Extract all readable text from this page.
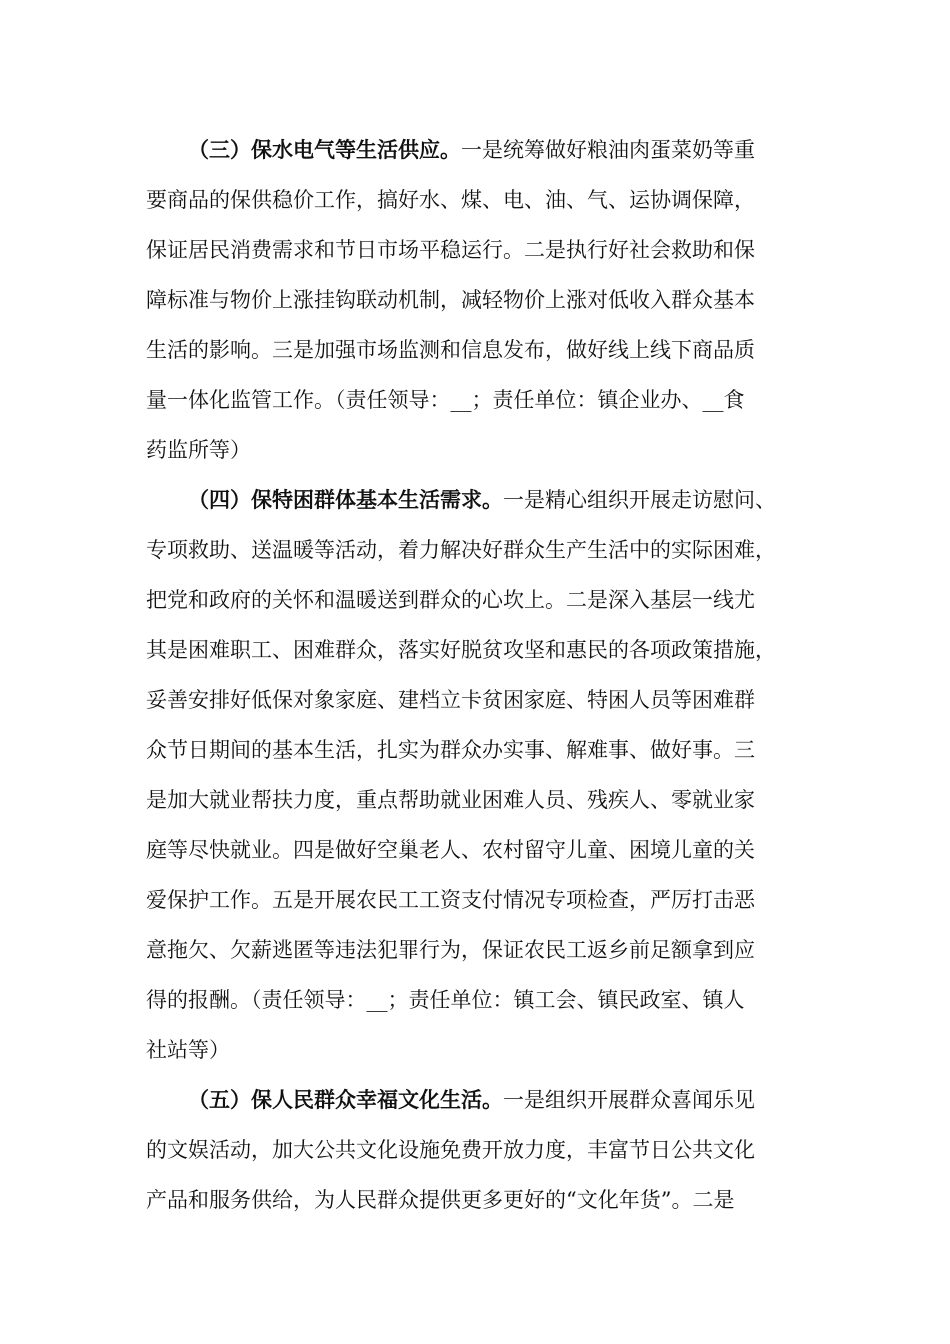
（三）保水电气等生活供应。一是统筹做好粮油肉蛋菜奶等重
要商品的保供稳价工作，搞好水、煤、电、油、气、运协调保障，
保证居民消费需求和节日市场平稳运行。二是执行好社会救助和保
障标准与物价上涨挂钩联动机制，减轻物价上涨对低收入群众基本
生活的影响。三是加强市场监测和信息发布，做好线上线下商品质
量一体化监管工作。（责任领导：__；责任单位：镇企业办、__食
药监所等）
（四）保特困群体基本生活需求。一是精心组织开展走访慰问、
专项救助、送温暖等活动，着力解决好群众生产生活中的实际困难，
把党和政府的关怀和温暖送到群众的心坎上。二是深入基层一线尤
其是困难职工、困难群众，落实好脱贫攻坚和惠民的各项政策措施，
妥善安排好低保对象家庭、建档立卡贫困家庭、特困人员等困难群
众节日期间的基本生活，扎实为群众办实事、解难事、做好事。三
是加大就业帮扶力度，重点帮助就业困难人员、残疾人、零就业家
庭等尽快就业。四是做好空巢老人、农村留守儿童、困境儿童的关
爱保护工作。五是开展农民工工资支付情况专项检查，严厉打击恶
意拖欠、欠薪逃匿等违法犯罪行为，保证农民工返乡前足额拿到应
得的报酬。（责任领导：__；责任单位：镇工会、镇民政室、镇人
社站等）
（五）保人民群众幸福文化生活。一是组织开展群众喜闻乐见
的文娱活动，加大公共文化设施免费开放力度，丰富节日公共文化
产品和服务供给，为人民群众提供更多更好的“文化年货”。二是
